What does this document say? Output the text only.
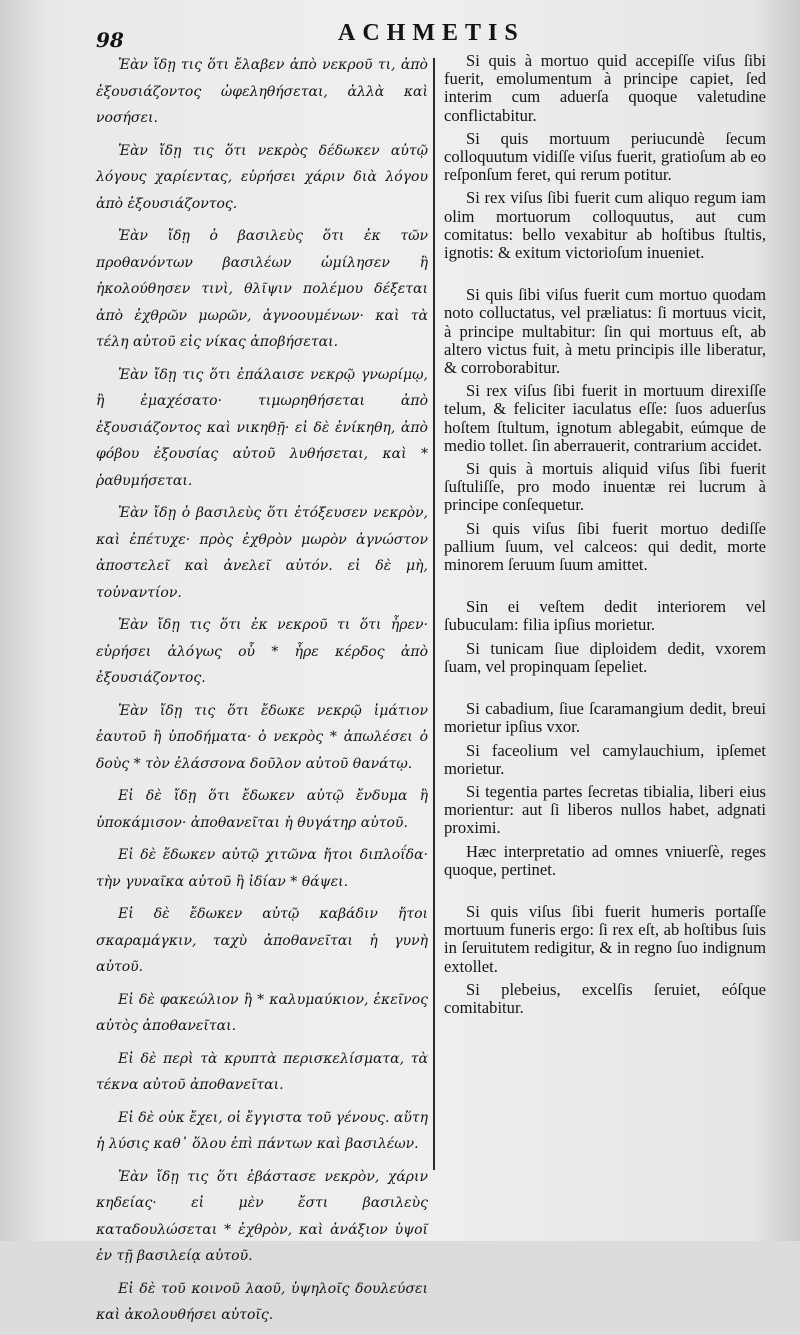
98	ACHMETIS

Ἐὰν ἴδῃ τις ὅτι ἔλαβεν ἀπὸ νεκροῦ τι, ἀπὸ ἐξουσιάζοντος ὠφεληθήσεται, ἀλλὰ καὶ νοσήσει.

Ἐὰν ἴδῃ τις ὅτι νεκρὸς δέδωκεν αὐτῷ λόγους χαρίεντας, εὑρήσει χάριν διὰ λόγου ἀπὸ ἐξουσιάζοντος.

Ἐὰν ἴδῃ ὁ βασιλεὺς ὅτι ἐκ τῶν προθανόντων βασιλέων ὡμίλησεν ἢ ἠκολούθησεν τινὶ, θλῖψιν πολέμου δέξεται ἀπὸ ἐχθρῶν μωρῶν, ἀγνοουμένων· καὶ τὰ τέλη αὐτοῦ εἰς νίκας ἀποβήσεται.

Ἐὰν ἴδῃ τις ὅτι ἐπάλαισε νεκρῷ γνωρίμῳ, ἢ ἐμαχέσατο· τιμωρηθήσεται ἀπὸ ἐξουσιάζοντος καὶ νικηθῇ· εἰ δὲ ἐνίκηθη, ἀπὸ φόβου ἐξουσίας αὐτοῦ λυθήσεται, καὶ * ῥαθυμήσεται.

Ἐὰν ἴδῃ ὁ βασιλεὺς ὅτι ἐτόξευσεν νεκρὸν, καὶ ἐπέτυχε· πρὸς ἐχθρὸν μωρὸν ἀγνώστον ἀποστελεῖ καὶ ἀνελεῖ αὐτόν. εἰ δὲ μὴ, τοὐναντίον.

Ἐὰν ἴδῃ τις ὅτι ἐκ νεκροῦ τι ὅτι ἦρεν· εὑρήσει ἀλόγως οὗ * ἦρε κέρδος ἀπὸ ἐξουσιάζοντος.

Ἐὰν ἴδῃ τις ὅτι ἔδωκε νεκρῷ ἱμάτιον ἑαυτοῦ ἢ ὑποδήματα· ὁ νεκρὸς * ἀπωλέσει ὁ δοὺς * τὸν ἐλάσσονα δοῦλον αὐτοῦ θανάτῳ.

Εἰ δὲ ἴδῃ ὅτι ἔδωκεν αὐτῷ ἔνδυμα ἢ ὑποκάμισον· ἀποθανεῖται ἡ θυγάτηρ αὐτοῦ.

Εἰ δὲ ἔδωκεν αὐτῷ χιτῶνα ἤτοι διπλοΐδα· τὴν γυναῖκα αὐτοῦ ἢ ἰδίαν * θάψει.

Εἰ δὲ ἔδωκεν αὐτῷ καβάδιν ἤτοι σκαραμάγκιν, ταχὺ ἀποθανεῖται ἡ γυνὴ αὐτοῦ.

Εἰ δὲ φακεώλιον ἢ * καλυμαύκιον, ἐκεῖνος αὐτὸς ἀποθανεῖται.

Εἰ δὲ περὶ τὰ κρυπτὰ περισκελίσματα, τὰ τέκνα αὐτοῦ ἀποθανεῖται.

Εἰ δὲ οὐκ ἔχει, οἱ ἔγγιστα τοῦ γένους. αὕτη ἡ λύσις καθ᾽ ὅλου ἐπὶ πάντων καὶ βασιλέων.

Ἐὰν ἴδῃ τις ὅτι ἐβάστασε νεκρὸν, χάριν κηδείας· εἰ μὲν ἔστι βασιλεὺς καταδουλώσεται * ἐχθρὸν, καὶ ἀνάξιον ὑψοῖ ἐν τῇ βασιλείᾳ αὐτοῦ.

Εἰ δὲ τοῦ κοινοῦ λαοῦ, ὑψηλοῖς δουλεύσει καὶ ἀκολουθήσει αὐτοῖς.

Si quis à mortuo quid accepiſſe viſus ſibi fuerit, emolumentum à principe capiet, ſed interim cum aduerſa quoque valetudine conflictabitur.

Si quis mortuum periucundè ſecum colloquutum vidiſſe viſus fuerit, gratioſum ab eo reſponſum feret, qui rerum potitur.

Si rex viſus ſibi fuerit cum aliquo regum iam olim mortuorum colloquutus, aut cum comitatus: bello vexabitur ab hoſtibus ſtultis, ignotis: & exitum victorioſum inueniet.

Si quis ſibi viſus fuerit cum mortuo quodam noto colluctatus, vel præliatus: ſi mortuus vicit, à principe multabitur: ſin qui mortuus eſt, ab altero victus fuit, à metu principis ille liberatur, & corroborabitur.

Si rex viſus ſibi fuerit in mortuum direxiſſe telum, & feliciter iaculatus eſſe: ſuos aduerſus hoſtem ſtultum, ignotum ablegabit, eúmque de medio tollet. ſin aberrauerit, contrarium accidet.

Si quis à mortuis aliquid viſus ſibi fuerit ſuſtuliſſe, pro modo inuentæ rei lucrum à principe conſequetur.

Si quis viſus ſibi fuerit mortuo dediſſe pallium ſuum, vel calceos: qui dedit, morte minorem ſeruum ſuum amittet.

Sin ei veſtem dedit interiorem vel ſubuculam: filia ipſius morietur.

Si tunicam ſiue diploidem dedit, vxorem ſuam, vel propinquam ſepeliet.

Si cabadium, ſiue ſcaramangium dedit, breui morietur ipſius vxor.

Si faceolium vel camylauchium, ipſemet morietur.

Si tegentia partes ſecretas tibialia, liberi eius morientur: aut ſi liberos nullos habet, adgnati proximi.

Hæc interpretatio ad omnes vniuerſè, reges quoque, pertinet.

Si quis viſus ſibi fuerit humeris portaſſe mortuum funeris ergo: ſi rex eſt, ab hoſtibus ſuis in ſeruitutem redigitur, & in regno ſuo indignum extollet.

Si plebeius, excelſis ſeruiet, eóſque comitabitur.
